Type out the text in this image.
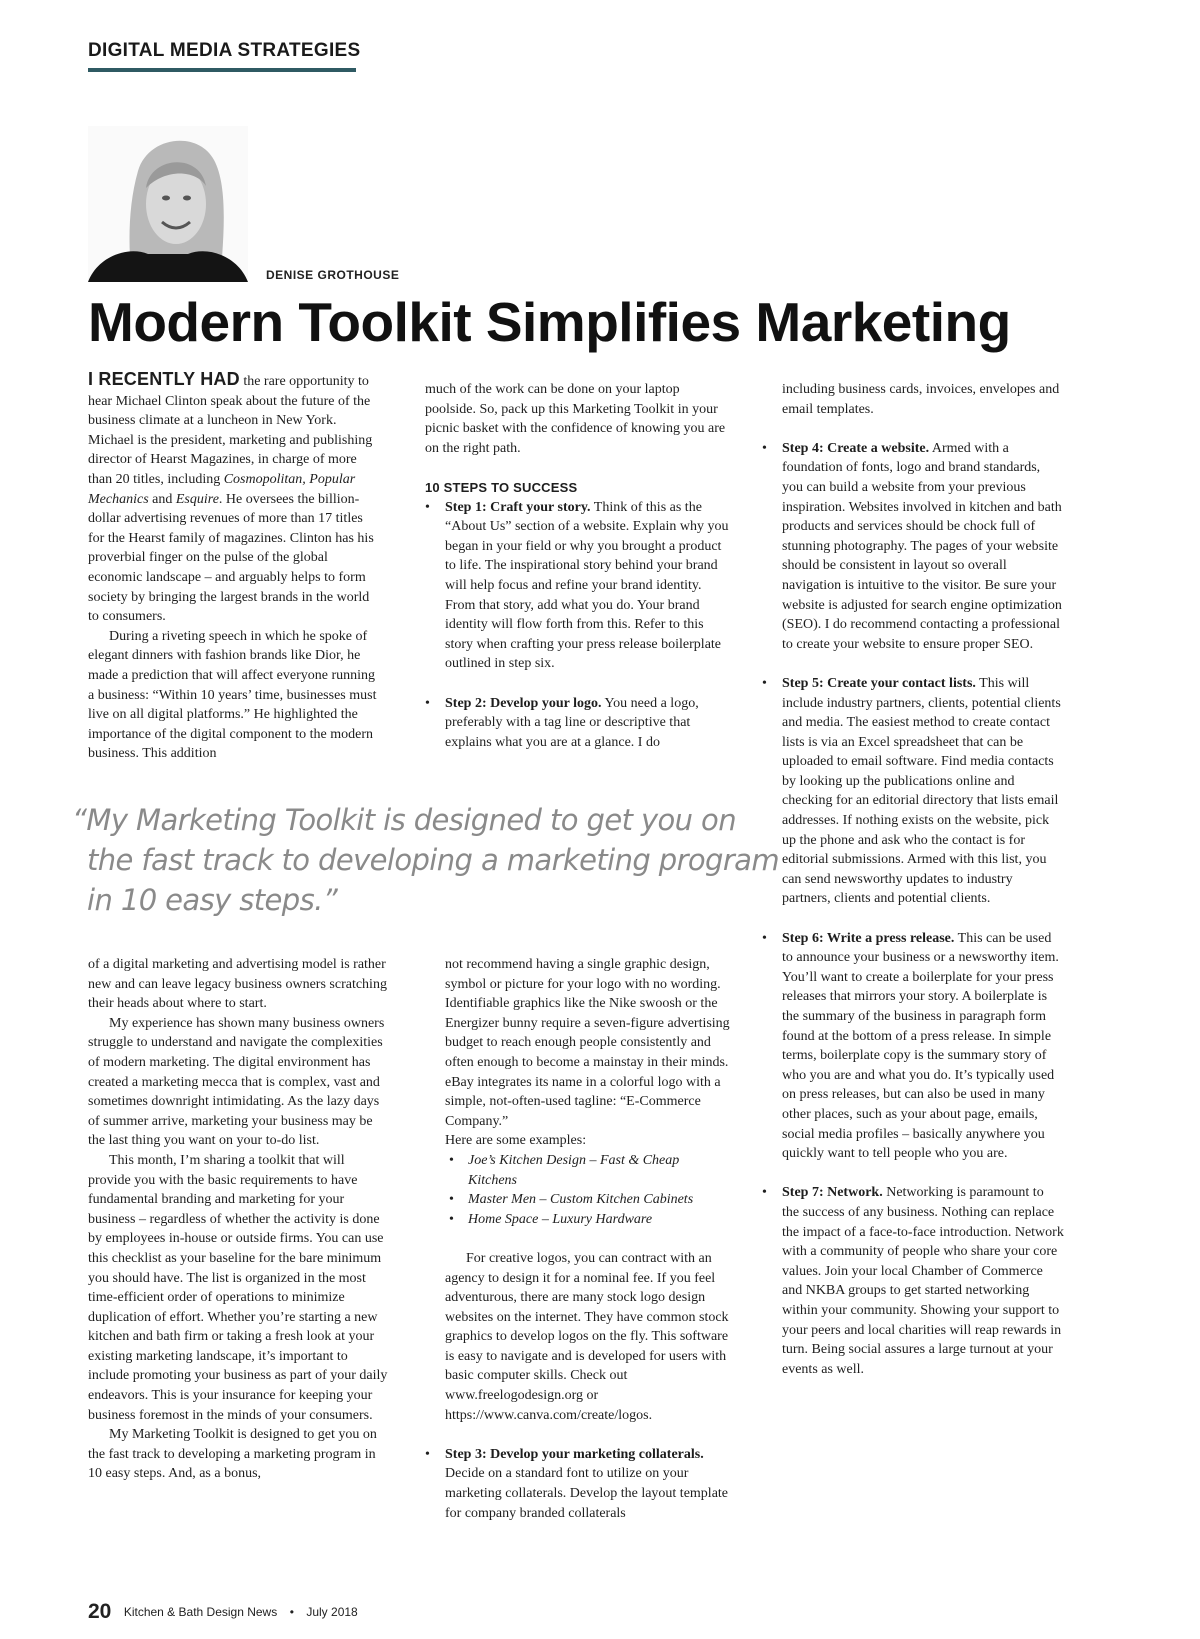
DIGITAL MEDIA STRATEGIES
DENISE GROTHOUSE
Modern Toolkit Simplifies Marketing

I RECENTLY HAD the rare opportunity to hear Michael Clinton speak about the future of the business climate at a luncheon in New York. Michael is the president, marketing and publishing director of Hearst Magazines, in charge of more than 20 titles, including Cosmopolitan, Popular Mechanics and Esquire. He oversees the billion-dollar advertising revenues of more than 17 titles for the Hearst family of magazines. Clinton has his proverbial finger on the pulse of the global economic landscape – and arguably helps to form society by bringing the largest brands in the world to consumers.

During a riveting speech in which he spoke of elegant dinners with fashion brands like Dior, he made a prediction that will affect everyone running a business: “Within 10 years’ time, businesses must live on all digital platforms.” He highlighted the importance of the digital component to the modern business. This addition

much of the work can be done on your laptop poolside. So, pack up this Marketing Toolkit in your picnic basket with the confidence of knowing you are on the right path.

10 STEPS TO SUCCESS

• Step 1: Craft your story. Think of this as the “About Us” section of a website. Explain why you began in your field or why you brought a product to life. The inspirational story behind your brand will help focus and refine your brand identity. From that story, add what you do. Your brand identity will flow forth from this. Refer to this story when crafting your press release boilerplate outlined in step six.

• Step 2: Develop your logo. You need a logo, preferably with a tag line or descriptive that explains what you are at a glance. I do

“My Marketing Toolkit is designed to get you on
the fast track to developing a marketing program
in 10 easy steps.”

of a digital marketing and advertising model is rather new and can leave legacy business owners scratching their heads about where to start.

My experience has shown many business owners struggle to understand and navigate the complexities of modern marketing. The digital environment has created a marketing mecca that is complex, vast and sometimes downright intimidating. As the lazy days of summer arrive, marketing your business may be the last thing you want on your to-do list.

This month, I’m sharing a toolkit that will provide you with the basic requirements to have fundamental branding and marketing for your business – regardless of whether the activity is done by employees in-house or outside firms. You can use this checklist as your baseline for the bare minimum you should have. The list is organized in the most time-efficient order of operations to minimize duplication of effort. Whether you’re starting a new kitchen and bath firm or taking a fresh look at your existing marketing landscape, it’s important to include promoting your business as part of your daily endeavors. This is your insurance for keeping your business foremost in the minds of your consumers.

My Marketing Toolkit is designed to get you on the fast track to developing a marketing program in 10 easy steps. And, as a bonus,

not recommend having a single graphic design, symbol or picture for your logo with no wording. Identifiable graphics like the Nike swoosh or the Energizer bunny require a seven-figure advertising budget to reach enough people consistently and often enough to become a mainstay in their minds. eBay integrates its name in a colorful logo with a simple, not-often-used tagline: “E-Commerce Company.”

Here are some examples:

• Joe’s Kitchen Design – Fast & Cheap Kitchens

• Master Men – Custom Kitchen Cabinets

• Home Space – Luxury Hardware

For creative logos, you can contract with an agency to design it for a nominal fee. If you feel adventurous, there are many stock logo design websites on the internet. They have common stock graphics to develop logos on the fly. This software is easy to navigate and is developed for users with basic computer skills. Check out www.freelogodesign.org or https://www.canva.com/create/logos.

• Step 3: Develop your marketing collaterals. Decide on a standard font to utilize on your marketing collaterals. Develop the layout template for company branded collaterals

including business cards, invoices, envelopes and email templates.

• Step 4: Create a website. Armed with a foundation of fonts, logo and brand standards, you can build a website from your previous inspiration. Websites involved in kitchen and bath products and services should be chock full of stunning photography. The pages of your website should be consistent in layout so overall navigation is intuitive to the visitor. Be sure your website is adjusted for search engine optimization (SEO). I do recommend contacting a professional to create your website to ensure proper SEO.

• Step 5: Create your contact lists. This will include industry partners, clients, potential clients and media. The easiest method to create contact lists is via an Excel spreadsheet that can be uploaded to email software. Find media contacts by looking up the publications online and checking for an editorial directory that lists email addresses. If nothing exists on the website, pick up the phone and ask who the contact is for editorial submissions. Armed with this list, you can send newsworthy updates to industry partners, clients and potential clients.

• Step 6: Write a press release. This can be used to announce your business or a newsworthy item. You’ll want to create a boilerplate for your press releases that mirrors your story. A boilerplate is the summary of the business in paragraph form found at the bottom of a press release. In simple terms, boilerplate copy is the summary story of who you are and what you do. It’s typically used on press releases, but can also be used in many other places, such as your about page, emails, social media profiles – basically anywhere you quickly want to tell people who you are.

• Step 7: Network. Networking is paramount to the success of any business. Nothing can replace the impact of a face-to-face introduction. Network with a community of people who share your core values. Join your local Chamber of Commerce and NKBA groups to get started networking within your community. Showing your support to your peers and local charities will reap rewards in turn. Being social assures a large turnout at your events as well.

20 Kitchen & Bath Design News • July 2018
